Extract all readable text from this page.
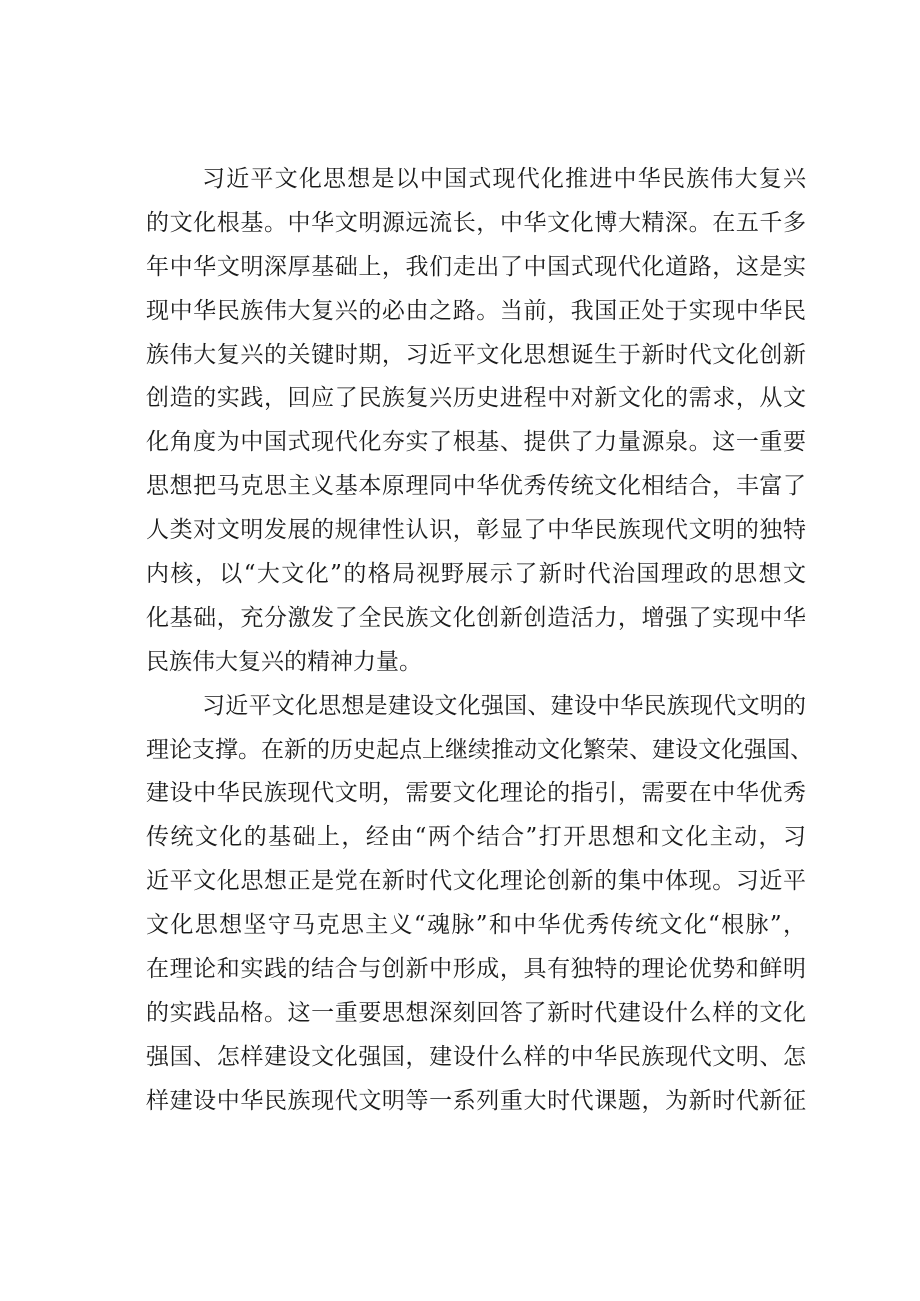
习近平文化思想是以中国式现代化推进中华民族伟大复兴
的文化根基。中华文明源远流长，中华文化博大精深。在五千多
年中华文明深厚基础上，我们走出了中国式现代化道路，这是实
现中华民族伟大复兴的必由之路。当前，我国正处于实现中华民
族伟大复兴的关键时期，习近平文化思想诞生于新时代文化创新
创造的实践，回应了民族复兴历史进程中对新文化的需求，从文
化角度为中国式现代化夯实了根基、提供了力量源泉。这一重要
思想把马克思主义基本原理同中华优秀传统文化相结合，丰富了
人类对文明发展的规律性认识，彰显了中华民族现代文明的独特
内核，以“大文化”的格局视野展示了新时代治国理政的思想文
化基础，充分激发了全民族文化创新创造活力，增强了实现中华
民族伟大复兴的精神力量。
习近平文化思想是建设文化强国、建设中华民族现代文明的
理论支撑。在新的历史起点上继续推动文化繁荣、建设文化强国、
建设中华民族现代文明，需要文化理论的指引，需要在中华优秀
传统文化的基础上，经由“两个结合”打开思想和文化主动，习
近平文化思想正是党在新时代文化理论创新的集中体现。习近平
文化思想坚守马克思主义“魂脉”和中华优秀传统文化“根脉”，
在理论和实践的结合与创新中形成，具有独特的理论优势和鲜明
的实践品格。这一重要思想深刻回答了新时代建设什么样的文化
强国、怎样建设文化强国，建设什么样的中华民族现代文明、怎
样建设中华民族现代文明等一系列重大时代课题，为新时代新征
